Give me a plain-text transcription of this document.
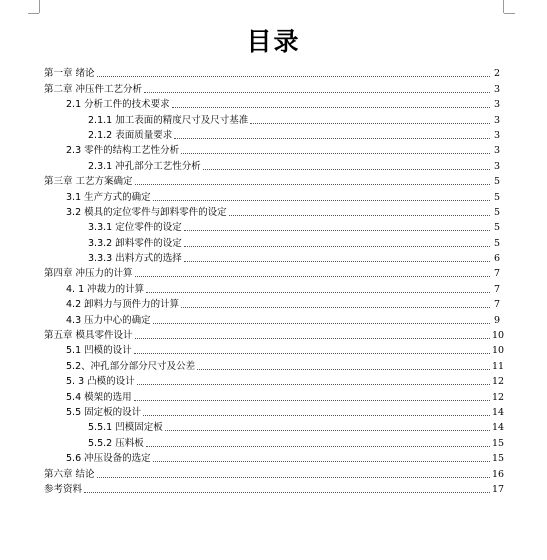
目录
第一章 绪论	2
第二章 冲压件工艺分析	3
2.1 分析工件的技术要求	3
2.1.1 加工表面的精度尺寸及尺寸基准	3
2.1.2 表面质量要求	3
2.3 零件的结构工艺性分析	3
2.3.1 冲孔部分工艺性分析	3
第三章 工艺方案确定	5
3.1 生产方式的确定	5
3.2 模具的定位零件与卸料零件的设定	5
3.3.1 定位零件的设定	5
3.3.2 卸料零件的设定	5
3.3.3 出料方式的选择	6
第四章 冲压力的计算	7
4. 1 冲裁力的计算	7
4.2 卸料力与顶件力的计算	7
4.3 压力中心的确定	9
第五章 模具零件设计	10
5.1 凹模的设计	10
5.2、冲孔部分部分尺寸及公差	11
5. 3 凸模的设计	12
5.4 模架的选用	12
5.5 固定板的设计	14
5.5.1 凹模固定板	14
5.5.2 压料板	15
5.6 冲压设备的选定	15
第六章 结论	16
参考资料	17
